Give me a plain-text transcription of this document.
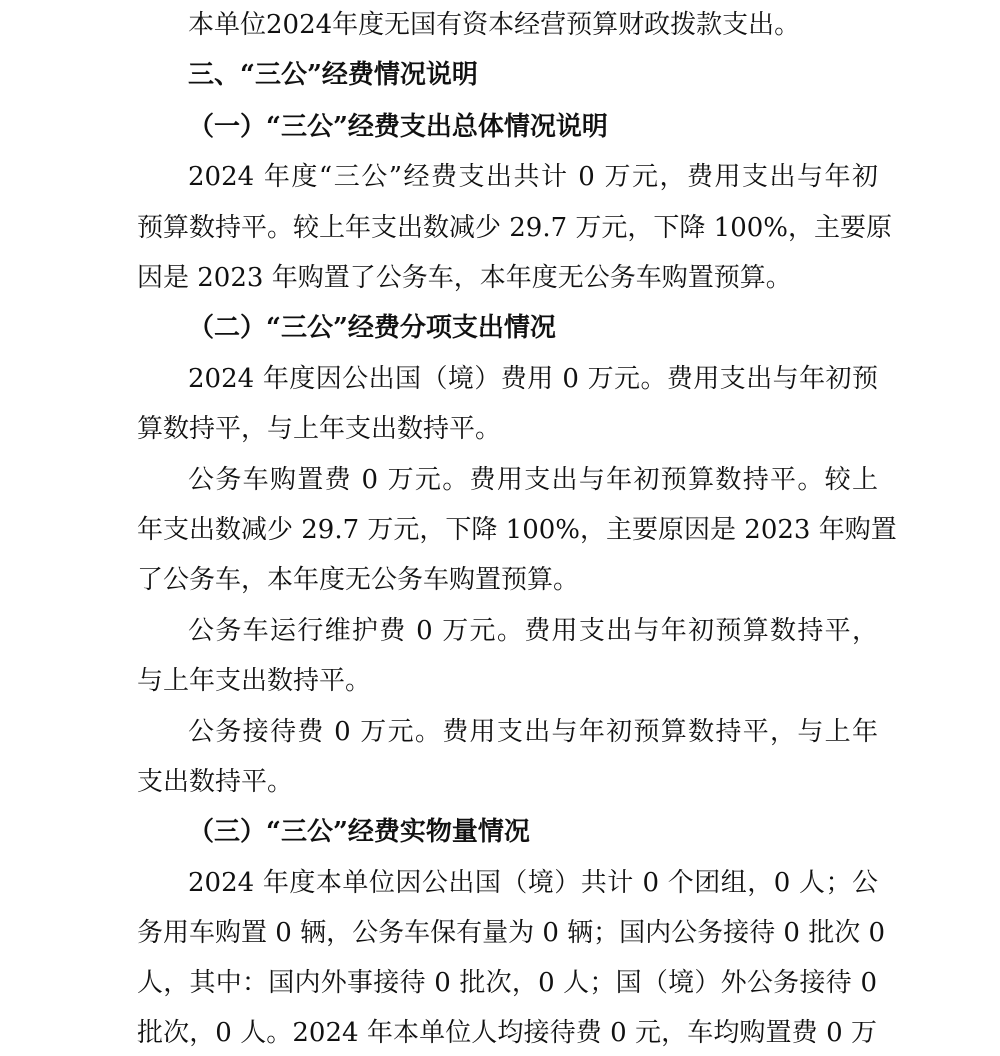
本单位2024年度无国有资本经营预算财政拨款支出。
三、“三公”经费情况说明
（一）“三公”经费支出总体情况说明
2024 年度“三公”经费支出共计 0 万元，费用支出与年初
预算数持平。较上年支出数减少 29.7 万元，下降 100%，主要原
因是 2023 年购置了公务车，本年度无公务车购置预算。
（二）“三公”经费分项支出情况
2024 年度因公出国（境）费用 0 万元。费用支出与年初预
算数持平，与上年支出数持平。
公务车购置费 0 万元。费用支出与年初预算数持平。较上
年支出数减少 29.7 万元，下降 100%，主要原因是 2023 年购置
了公务车，本年度无公务车购置预算。
公务车运行维护费 0 万元。费用支出与年初预算数持平，
与上年支出数持平。
公务接待费 0 万元。费用支出与年初预算数持平，与上年
支出数持平。
（三）“三公”经费实物量情况
2024 年度本单位因公出国（境）共计 0 个团组，0 人；公
务用车购置 0 辆，公务车保有量为 0 辆；国内公务接待 0 批次 0
人，其中：国内外事接待 0 批次，0 人；国（境）外公务接待 0
批次，0 人。2024 年本单位人均接待费 0 元，车均购置费 0 万
